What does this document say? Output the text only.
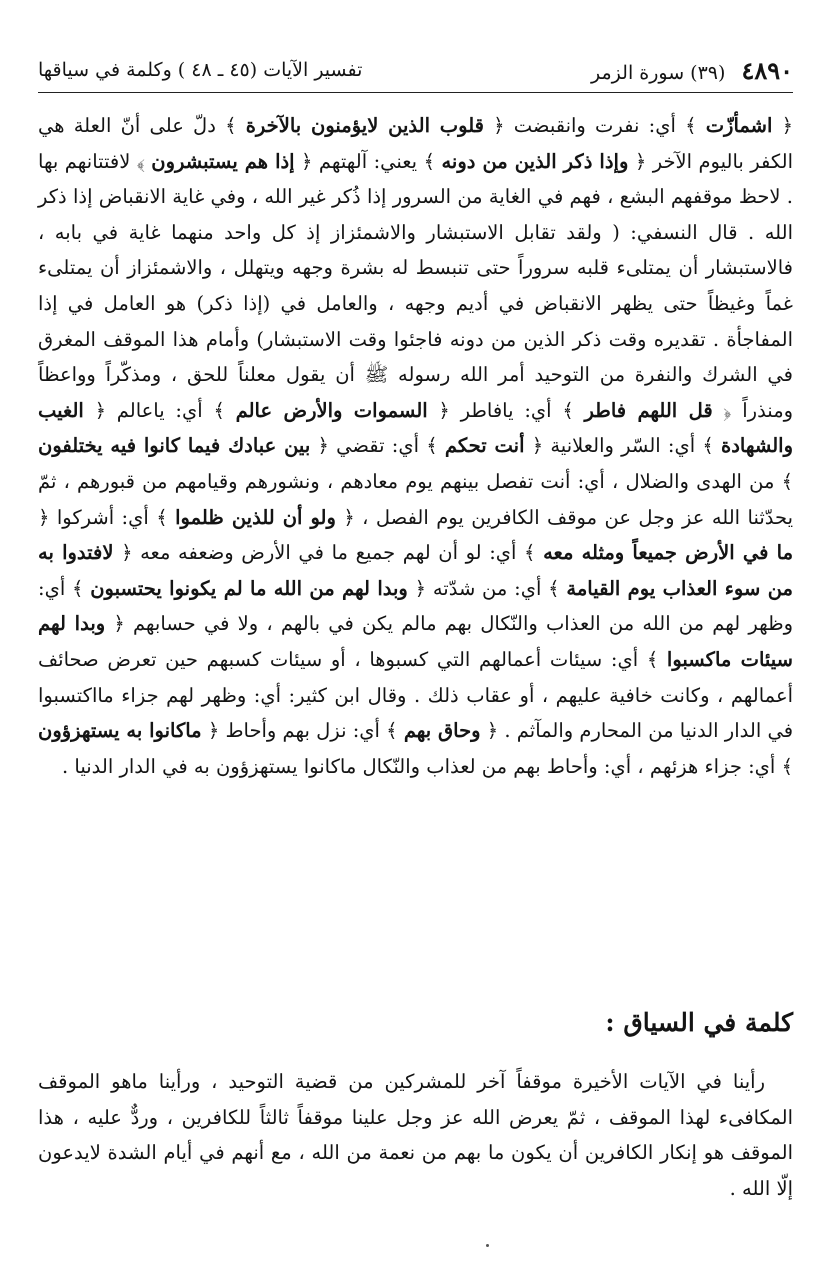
٤٨٩٠
(٣٩) سورة الزمر
تفسير الآيات (٤٥ ـ ٤٨ ) وكلمة في سياقها

﴿ اشمأزّت ﴾ أي: نفرت وانقبضت ﴿ قلوب الذين لايؤمنون بالآخرة ﴾ دلّ على أنّ العلة هي الكفر باليوم الآخر ﴿ وإذا ذكر الذين من دونه ﴾ يعني: آلهتهم ﴿ إذا هم يستبشرون ﴾ لافتتانهم بها . لاحظ موقفهم البشع ، فهم في الغاية من السرور إذا ذُكر غير الله ، وفي غاية الانقباض إذا ذكر الله . قال النسفي: ( ولقد تقابل الاستبشار والاشمئزاز إذ كل واحد منهما غاية في بابه ، فالاستبشار أن يمتلىء قلبه سروراً حتى تنبسط له بشرة وجهه ويتهلل ، والاشمئزاز أن يمتلىء غماً وغيظاً حتى يظهر الانقباض في أديم وجهه ، والعامل في (إذا ذكر) هو العامل في إذا المفاجأة . تقديره وقت ذكر الذين من دونه فاجئوا وقت الاستبشار) وأمام هذا الموقف المغرق في الشرك والنفرة من التوحيد أمر الله رسوله ﷺ أن يقول معلناً للحق ، ومذكّراً وواعظاً ومنذراً ﴿ قل اللهم فاطر ﴾ أي: يافاطر ﴿ السموات والأرض عالم ﴾ أي: ياعالم ﴿ الغيب والشهادة ﴾ أي: السّر والعلانية ﴿ أنت تحكم ﴾ أي: تقضي ﴿ بين عبادك فيما كانوا فيه يختلفون ﴾ من الهدى والضلال ، أي: أنت تفصل بينهم يوم معادهم ، ونشورهم وقيامهم من قبورهم ، ثمّ يحدّثنا الله عز وجل عن موقف الكافرين يوم الفصل ، ﴿ ولو أن للذين ظلموا ﴾ أي: أشركوا ﴿ ما في الأرض جميعاً ومثله معه ﴾ أي: لو أن لهم جميع ما في الأرض وضعفه معه ﴿ لافتدوا به من سوء العذاب يوم القيامة ﴾ أي: من شدّته ﴿ وبدا لهم من الله ما لم يكونوا يحتسبون ﴾ أي: وظهر لهم من الله من العذاب والنّكال بهم مالم يكن في بالهم ، ولا في حسابهم ﴿ وبدا لهم سيئات ماكسبوا ﴾ أي: سيئات أعمالهم التي كسبوها ، أو سيئات كسبهم حين تعرض صحائف أعمالهم ، وكانت خافية عليهم ، أو عقاب ذلك . وقال ابن كثير: أي: وظهر لهم جزاء مااكتسبوا في الدار الدنيا من المحارم والمآثم . ﴿ وحاق بهم ﴾ أي: نزل بهم وأحاط ﴿ ماكانوا به يستهزؤون ﴾ أي: جزاء هزئهم ، أي: وأحاط بهم من لعذاب والنّكال ماكانوا يستهزؤون به في الدار الدنيا .

كلمة في السياق :

رأينا في الآيات الأخيرة موقفاً آخر للمشركين من قضية التوحيد ، ورأينا ماهو الموقف المكافىء لهذا الموقف ، ثمّ يعرض الله عز وجل علينا موقفاً ثالثاً للكافرين ، وردٌّ عليه ، هذا الموقف هو إنكار الكافرين أن يكون ما بهم من نعمة من الله ، مع أنهم في أيام الشدة لايدعون إلّا الله .
